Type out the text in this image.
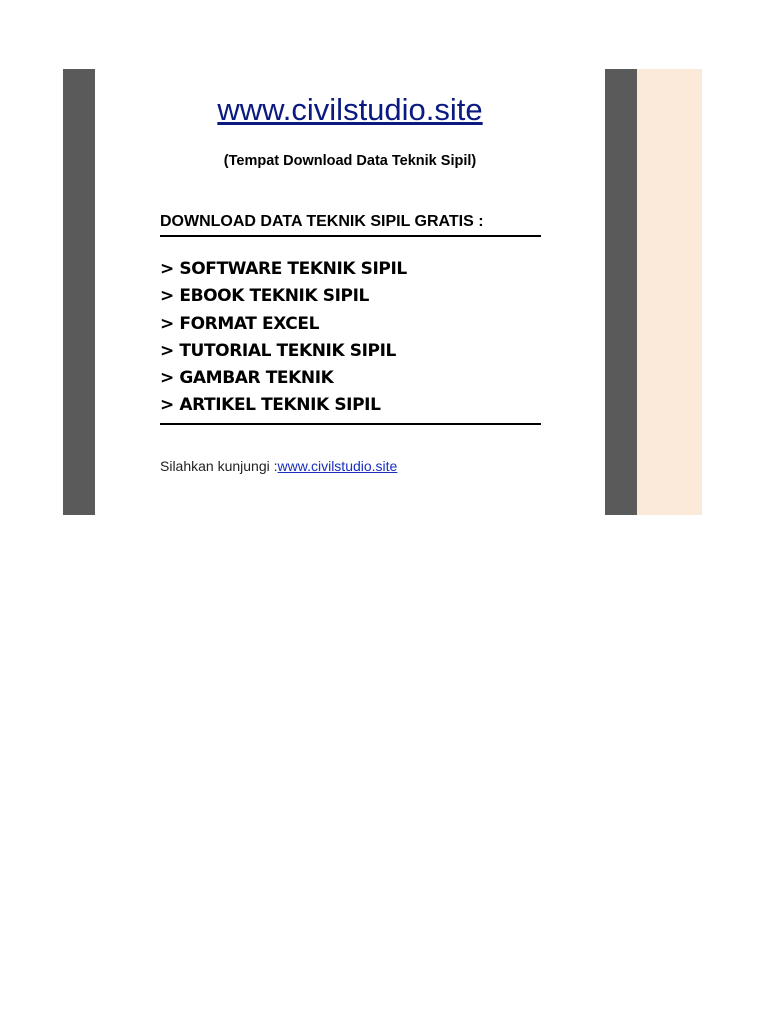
www.civilstudio.site
(Tempat Download Data Teknik Sipil)
DOWNLOAD DATA TEKNIK SIPIL GRATIS :
> SOFTWARE TEKNIK SIPIL
> EBOOK TEKNIK SIPIL
> FORMAT EXCEL
> TUTORIAL TEKNIK SIPIL
> GAMBAR TEKNIK
> ARTIKEL TEKNIK SIPIL
Silahkan kunjungi :www.civilstudio.site
